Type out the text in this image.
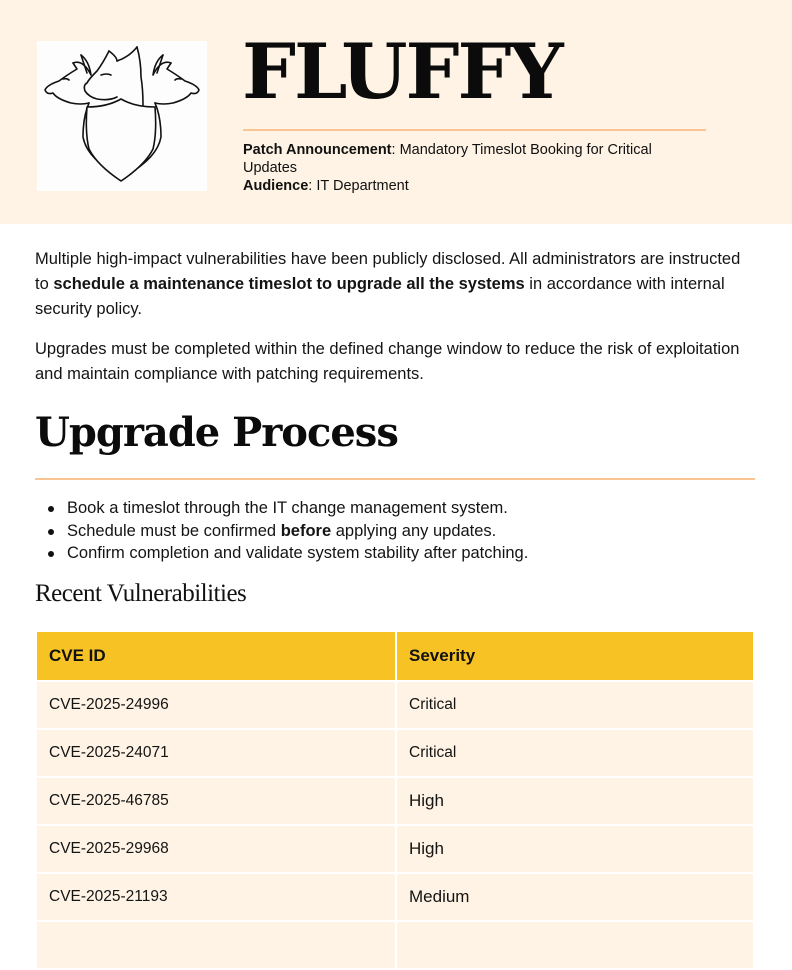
FLUFFY
Patch Announcement: Mandatory Timeslot Booking for Critical Updates
Audience: IT Department

Multiple high-impact vulnerabilities have been publicly disclosed. All administrators are instructed to schedule a maintenance timeslot to upgrade all the systems in accordance with internal security policy.

Upgrades must be completed within the defined change window to reduce the risk of exploitation and maintain compliance with patching requirements.

Upgrade Process
Book a timeslot through the IT change management system.
Schedule must be confirmed before applying any updates.
Confirm completion and validate system stability after patching.
Recent Vulnerabilities
CVE ID	Severity
CVE-2025-24996	Critical
CVE-2025-24071	Critical
CVE-2025-46785	High
CVE-2025-29968	High
CVE-2025-21193	Medium
